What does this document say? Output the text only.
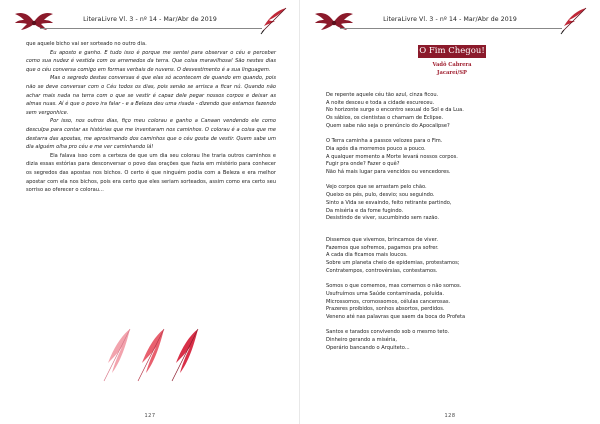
LiteraLivre Vl. 3 - nº 14 - Mar/Abr de 2019

que aquele bicho vai ser sorteado no outro dia.

Eu aposto e ganho. E tudo isso é porque me sentei para observar o céu e perceber como sua nudez é vestida com os arremedos da terra. Que coisa maravilhosa! São nestes dias que o céu conversa comigo em formas verbais de nuvens. O desvestimento é a sua linguagem.

Mas o segredo destas conversas é que elas só acontecem de quando em quando, pois não se deve conversar com o Céu todos os dias, pois senão se arrisca a ficar nú. Quando não achar mais nada na terra com o que se vestir é capaz dele pegar nossos corpos e deixar as almas nuas. Aí é que o povo ira falar - e a Beleza deu uma risada - dizendo que estamos fazendo sem vergonhice.

Por isso, nos outros dias, fiço meu colorau e ganho a Canaan vendendo ele como desculpa para contar as histórias que me inventaram nos caminhos. O colorau é a coisa que me destarra das apostas, me aproximando dos caminhos que o céu gosta de vestir. Quem sabe um dia alguém olha pro céu e me ver caminhando lá!

Ela falava isso com a certeza de que um dia seu colorau lhe traria outros caminhos e dizia essas estórias para desconversar o povo das orações que fazia em mistério para conhecer os segredos das apostas nos bichos. O certo é que ninguém podia com a Beleza e era melhor apostar com ela nos bichos, pois era certo que eles seriam sorteados, assim como era certo seu sorriso ao oferecer o colorau...

127
LiteraLivre Vl. 3 - nº 14 - Mar/Abr de 2019
O Fim Chegou!
Vadô Cabrera
Jacareí/SP
De repente aquele céu tão azul, cinza ficou.
A noite desceu e toda a cidade escureceu.
No horizonte surge o encontro sexual do Sol e da Lua.
Os sábios, os cientistas o chamam de Eclipse.
Quem sabe não seja o prenúncio do Apocalipse?
O Terra caminha a passos velozes para o Fim.
Dia após dia morremos pouco a pouco.
A qualquer momento a Morte levará nossos corpos.
Fugir pra onde? Fazer o quê?
Não há mais lugar para vencidos ou vencedores.
Vejo corpos que se arrastam pelo chão.
Queixo os pés, pulo, desvio; sou seguindo.
Sinto a Vida se esvaindo, feito retirante partindo,
Da miséria e da fome fugindo.
Desistindo de viver, sucumbindo sem razão.
Dissemos que vivemos, brincamos de viver.
Fazemos que sofremos, pagamos pra sofrer.
A cada dia ficamos mais loucos.
Sobre um planeta cheio de epidemias, protestamos;
Contratempos, controvérsias, contestamos.
Somos o que comemos, mas comemos o não somos.
Usufruímos uma Saúde contaminada, poluída.
Microssomos, cromossomos, células cancerosas.
Prazeres proibidos, sonhos absortos, perdidos.
Veneno até nas palavras que saem da boca do Profeta
Santos e tarados convivendo sob o mesmo teto.
Dinheiro gerando a miséria,
Operário bancando o Arquiteto...
128
